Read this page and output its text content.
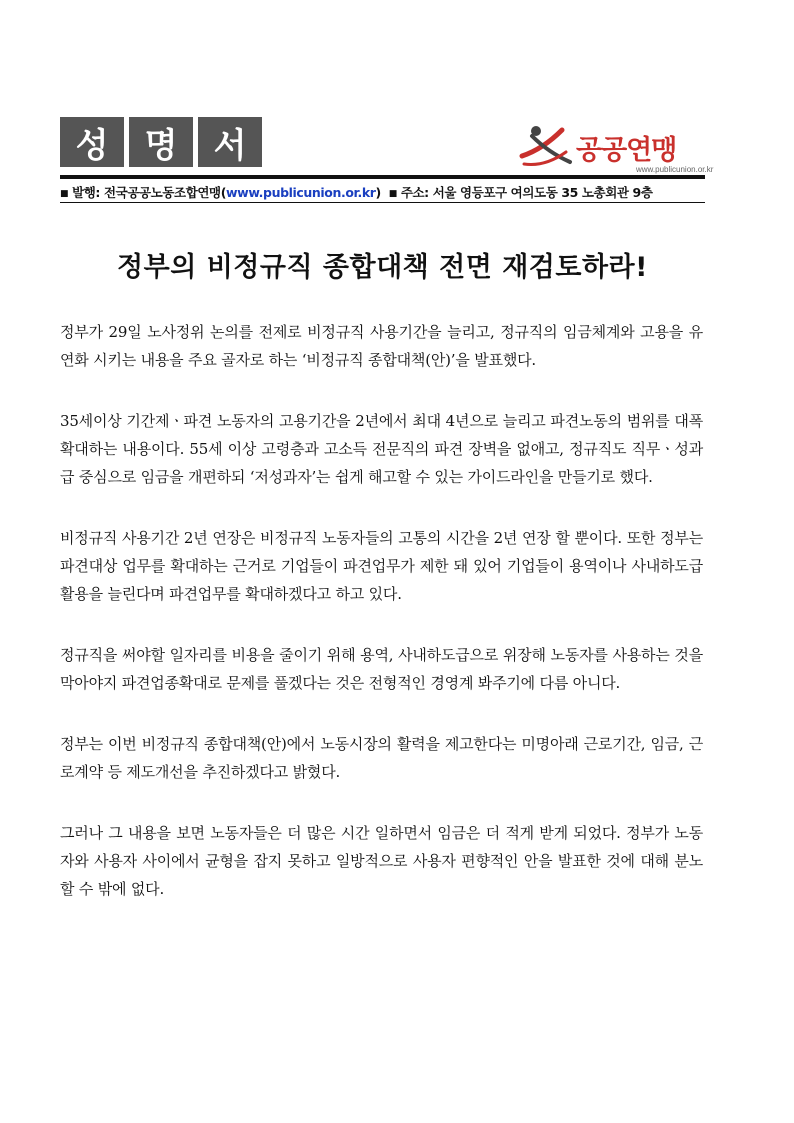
성	명	서	공공연맹
www.publicunion.or.kr
■ 발행: 전국공공노동조합연맹(www.publicunion.or.kr) ■ 주소: 서울 영등포구 여의도동 35 노총회관 9층
정부의 비정규직 종합대책 전면 재검토하라!

정부가 29일 노사정위 논의를 전제로 비정규직 사용기간을 늘리고, 정규직의 임금체계와 고용을 유연화 시키는 내용을 주요 골자로 하는 ‘비정규직 종합대책(안)’을 발표했다.

35세이상 기간제ㆍ파견 노동자의 고용기간을 2년에서 최대 4년으로 늘리고 파견노동의 범위를 대폭 확대하는 내용이다. 55세 이상 고령층과 고소득 전문직의 파견 장벽을 없애고, 정규직도 직무ㆍ성과급 중심으로 임금을 개편하되 ‘저성과자’는 쉽게 해고할 수 있는 가이드라인을 만들기로 했다.

비정규직 사용기간 2년 연장은 비정규직 노동자들의 고통의 시간을 2년 연장 할 뿐이다. 또한 정부는 파견대상 업무를 확대하는 근거로 기업들이 파견업무가 제한 돼 있어 기업들이 용역이나 사내하도급 활용을 늘린다며 파견업무를 확대하겠다고 하고 있다.

정규직을 써야할 일자리를 비용을 줄이기 위해 용역, 사내하도급으로 위장해 노동자를 사용하는 것을 막아야지 파견업종확대로 문제를 풀겠다는 것은 전형적인 경영계 봐주기에 다름 아니다.

정부는 이번 비정규직 종합대책(안)에서 노동시장의 활력을 제고한다는 미명아래 근로기간, 임금, 근로계약 등 제도개선을 추진하겠다고 밝혔다.

그러나 그 내용을 보면 노동자들은 더 많은 시간 일하면서 임금은 더 적게 받게 되었다. 정부가 노동자와 사용자 사이에서 균형을 잡지 못하고 일방적으로 사용자 편향적인 안을 발표한 것에 대해 분노할 수 밖에 없다.
